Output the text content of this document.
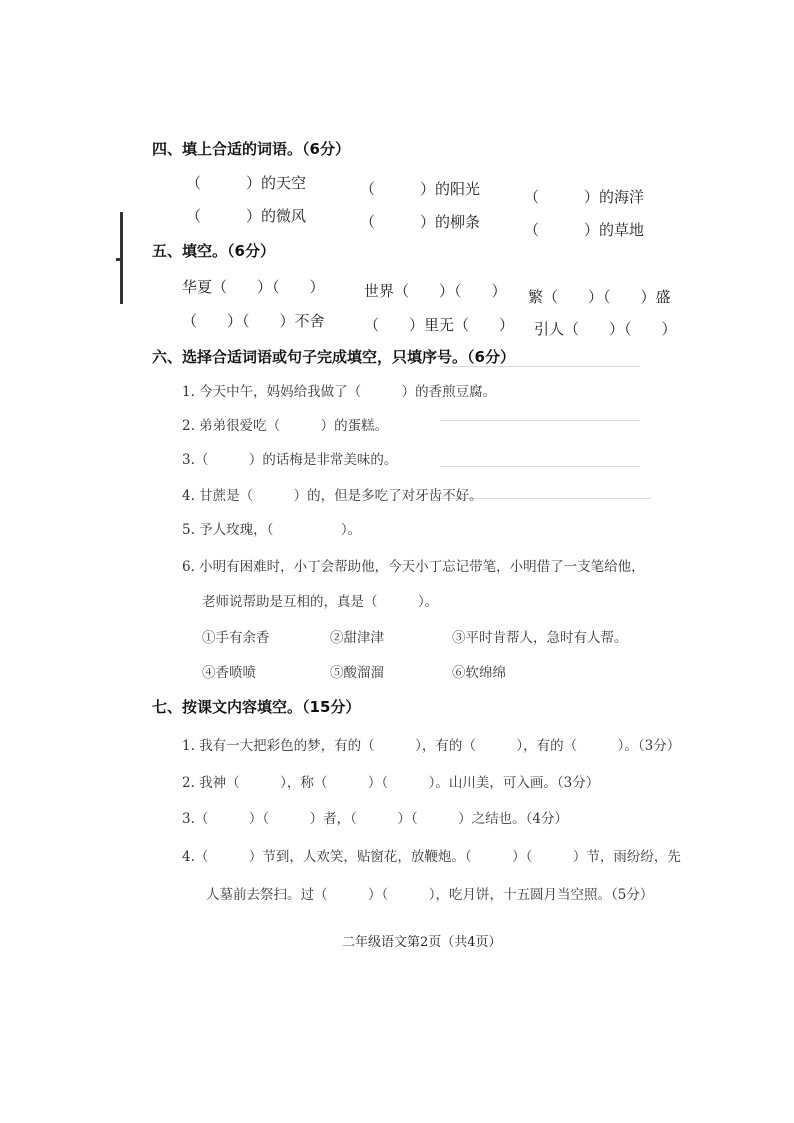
四、填上合适的词语。（6分）
（　　　）的天空	（　　　）的阳光	（　　　）的海洋
（　　　）的微风	（　　　）的柳条	（　　　）的草地
五、填空。（6分）
华夏（　　）（　　）	世界（　　）（　　） 繁（　　）（　　）盛
（　　）（　　）不舍	（　　）里无（　　） 引人（　　）（　　）
六、选择合适词语或句子完成填空，只填序号。（6分）
1. 今天中午，妈妈给我做了（　　　）的香煎豆腐。
2. 弟弟很爱吃（　　　）的蛋糕。
3.（　　　）的话梅是非常美味的。
4. 甘蔗是（　　　）的，但是多吃了对牙齿不好。
5. 予人玫瑰，（　　　　　）。
6. 小明有困难时，小丁会帮助他，今天小丁忘记带笔，小明借了一支笔给他，
老师说帮助是互相的，真是（　　　）。
①手有余香	②甜津津	③平时肯帮人，急时有人帮。
④香喷喷	⑤酸溜溜	⑥软绵绵
七、按课文内容填空。（15分）
1. 我有一大把彩色的梦，有的（　　　），有的（　　　），有的（　　　）。（3分）
2. 我神（　　　），称（　　　）（　　　）。山川美，可入画。（3分）
3.（　　　）（　　　）者，（　　　）（　　　）之结也。（4分）
4.（　　　）节到，人欢笑，贴窗花，放鞭炮。（　　　）（　　　）节，雨纷纷，先
人墓前去祭扫。过（　　　）（　　　），吃月饼，十五圆月当空照。（5分）
二年级语文第2页（共4页）
